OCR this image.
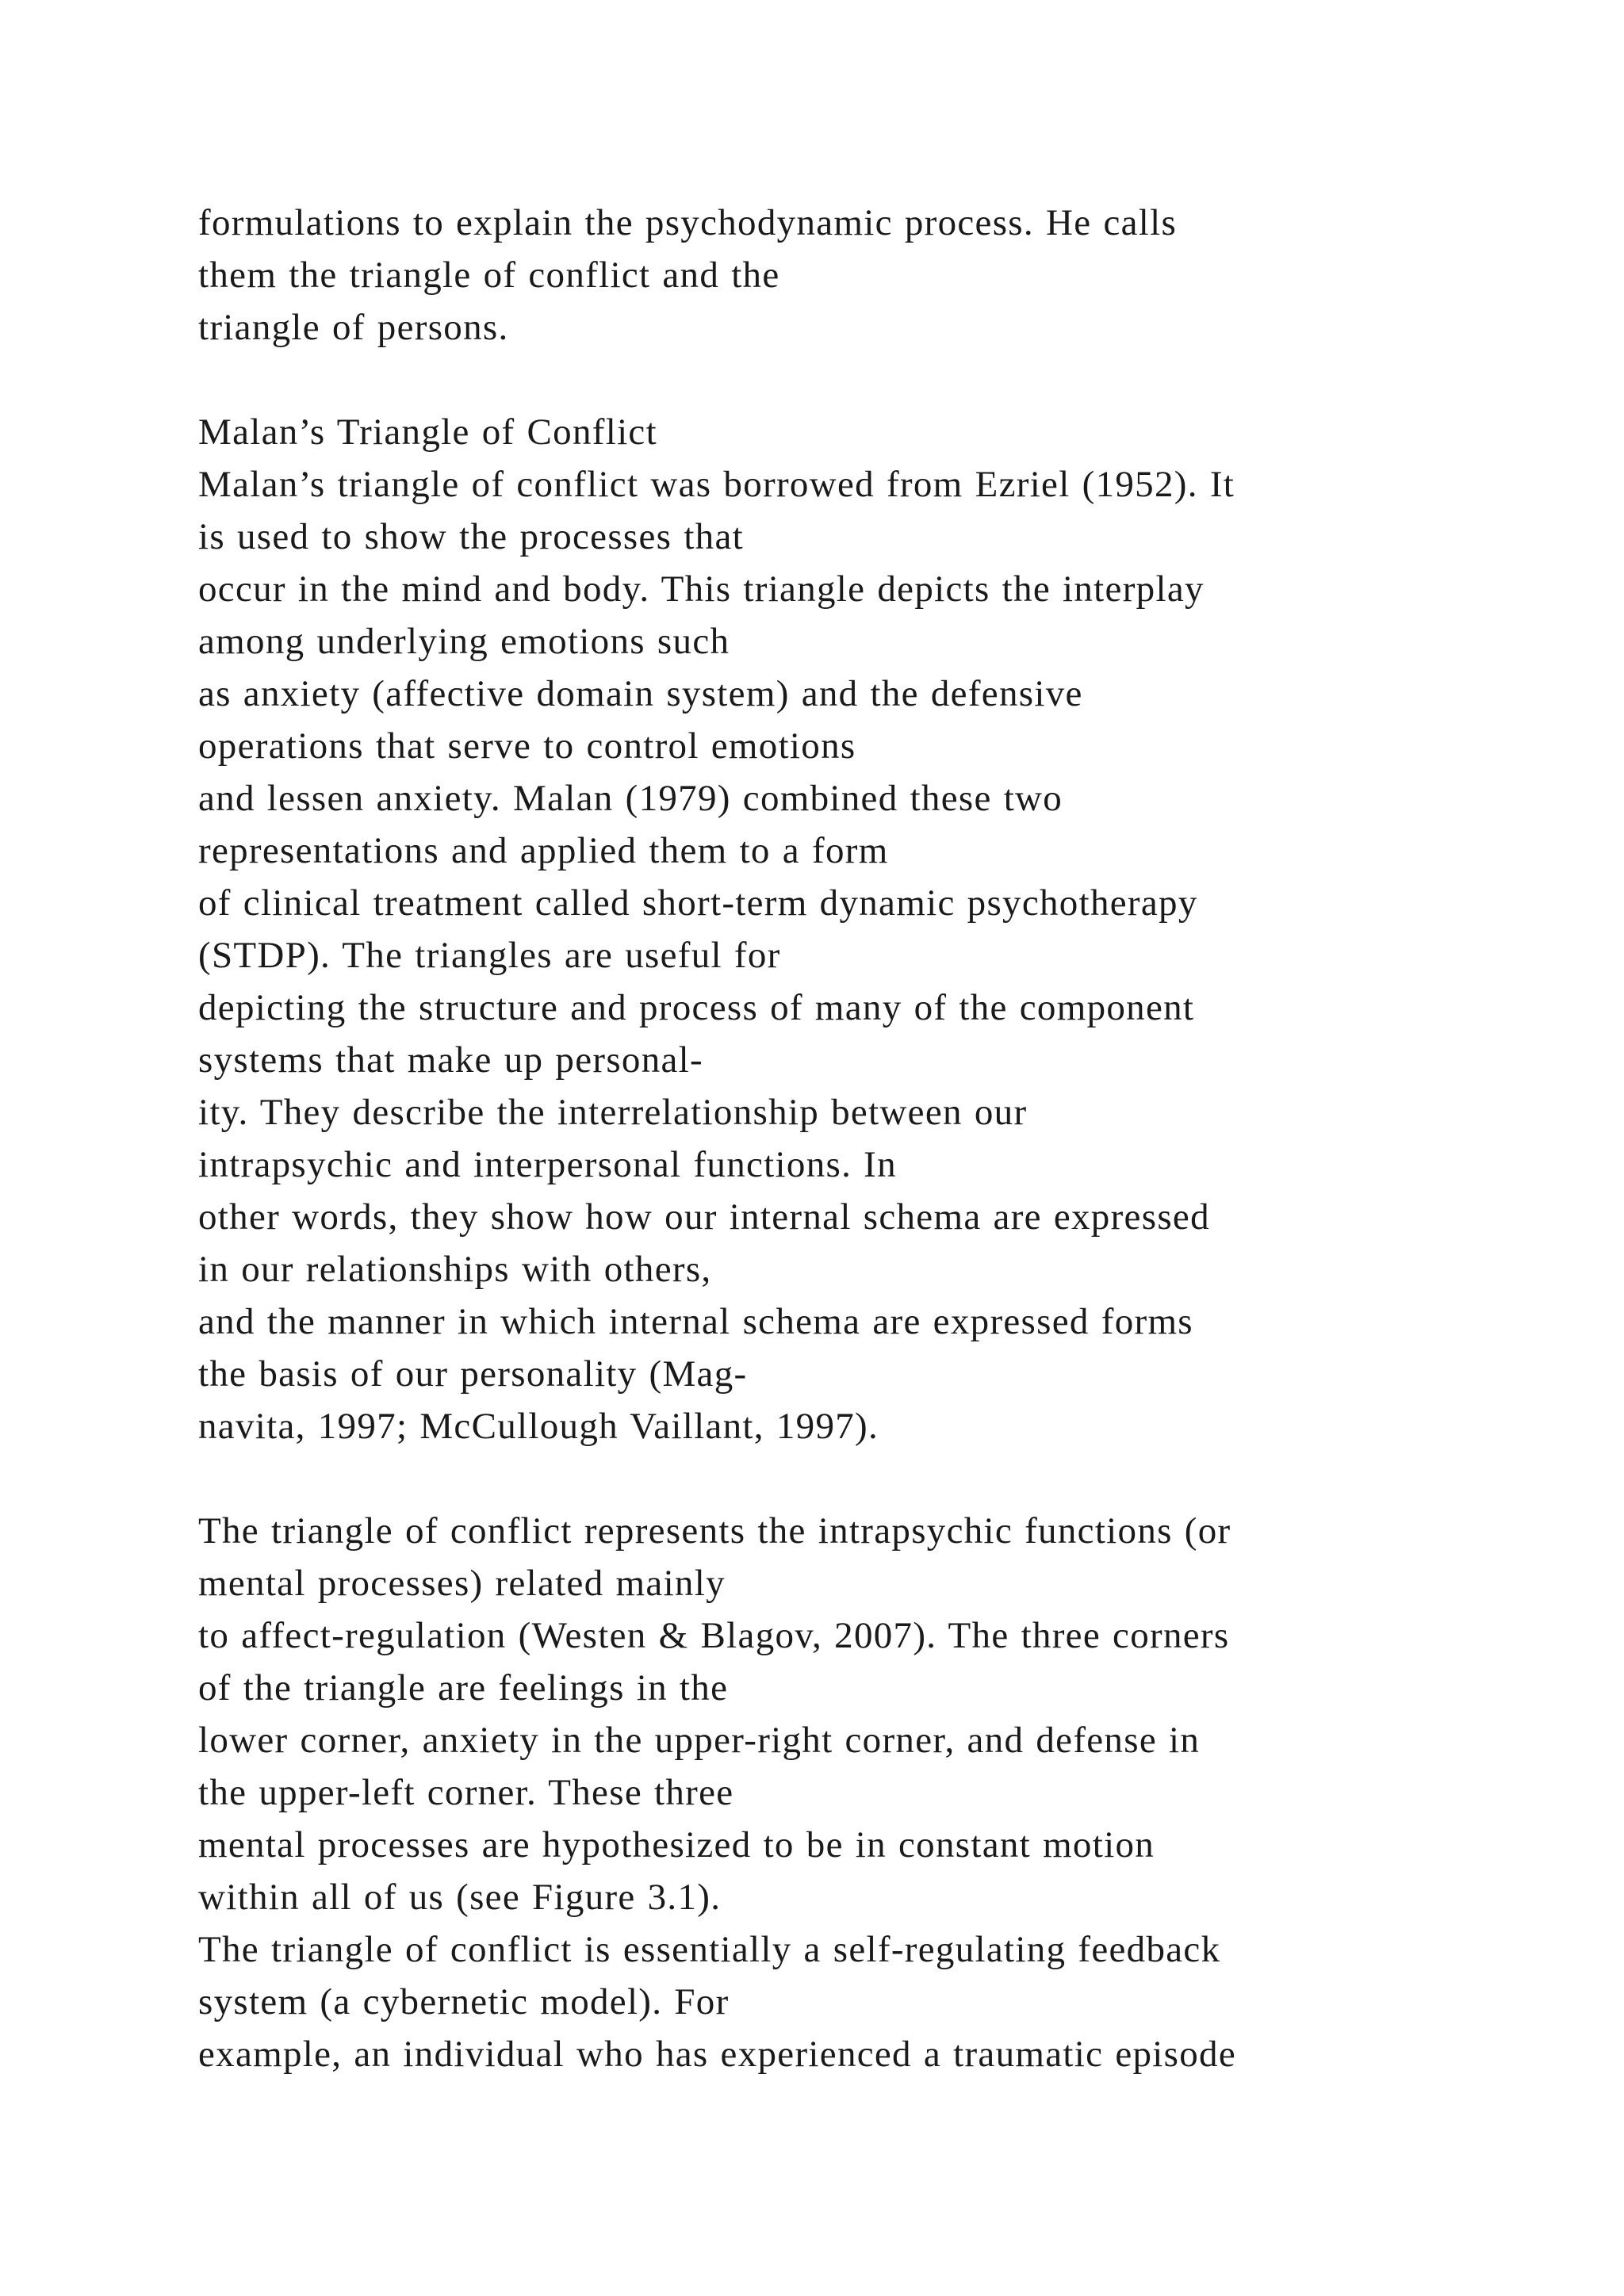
formulations to explain the psychodynamic process. He calls
them the triangle of conflict and the
triangle of persons.
Malan’s Triangle of Conflict
Malan’s triangle of conflict was borrowed from Ezriel (1952). It
is used to show the processes that
occur in the mind and body. This triangle depicts the interplay
among underlying emotions such
as anxiety (affective domain system) and the defensive
operations that serve to control emotions
and lessen anxiety. Malan (1979) combined these two
representations and applied them to a form
of clinical treatment called short-term dynamic psychotherapy
(STDP). The triangles are useful for
depicting the structure and process of many of the component
systems that make up personal-
ity. They describe the interrelationship between our
intrapsychic and interpersonal functions. In
other words, they show how our internal schema are expressed
in our relationships with others,
and the manner in which internal schema are expressed forms
the basis of our personality (Mag-
navita, 1997; McCullough Vaillant, 1997).
The triangle of conflict represents the intrapsychic functions (or
mental processes) related mainly
to affect-regulation (Westen & Blagov, 2007). The three corners
of the triangle are feelings in the
lower corner, anxiety in the upper-right corner, and defense in
the upper-left corner. These three
mental processes are hypothesized to be in constant motion
within all of us (see Figure 3.1).
The triangle of conflict is essentially a self-regulating feedback
system (a cybernetic model). For
example, an individual who has experienced a traumatic episode
